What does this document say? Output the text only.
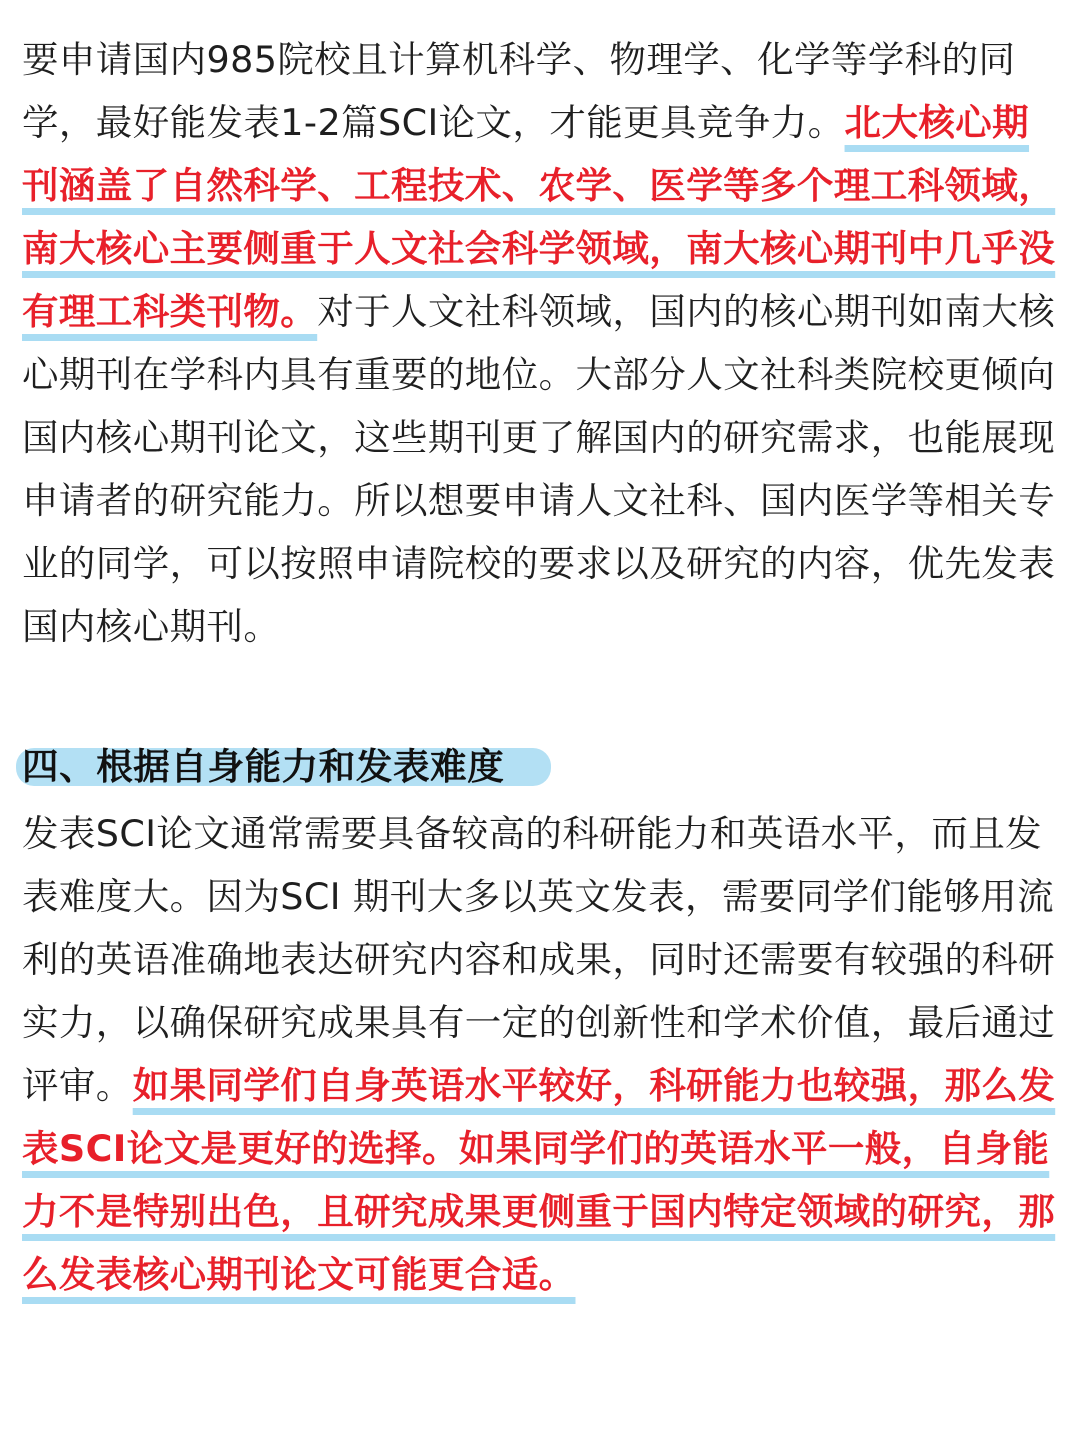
要申请国内985院校且计算机科学、物理学、化学等学科的同学，最好能发表1-2篇SCI论文，才能更具竞争力。北大核心期刊涵盖了自然科学、工程技术、农学、医学等多个理工科领域，南大核心主要侧重于人文社会科学领域，南大核心期刊中几乎没有理工科类刊物。对于人文社科领域，国内的核心期刊如南大核心期刊在学科内具有重要的地位。大部分人文社科类院校更倾向国内核心期刊论文，这些期刊更了解国内的研究需求，也能展现申请者的研究能力。所以想要申请人文社科、国内医学等相关专业的同学，可以按照申请院校的要求以及研究的内容，优先发表国内核心期刊。

四、根据自身能力和发表难度

发表SCI论文通常需要具备较高的科研能力和英语水平，而且发表难度大。因为SCI 期刊大多以英文发表，需要同学们能够用流利的英语准确地表达研究内容和成果，同时还需要有较强的科研实力，以确保研究成果具有一定的创新性和学术价值，最后通过评审。如果同学们自身英语水平较好，科研能力也较强，那么发表SCI论文是更好的选择。如果同学们的英语水平一般，自身能力不是特别出色，且研究成果更侧重于国内特定领域的研究，那么发表核心期刊论文可能更合适。
